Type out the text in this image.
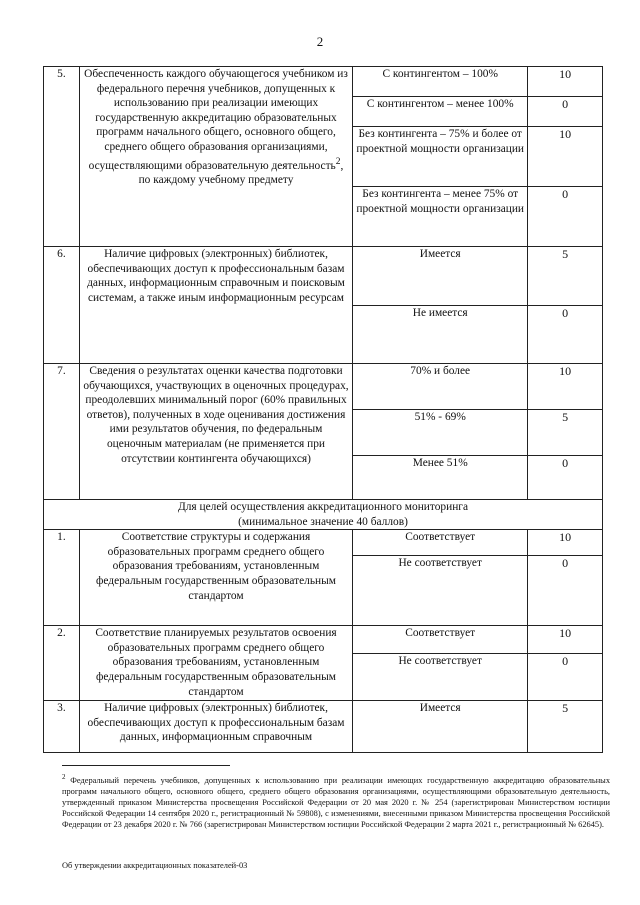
2
5.	Обеспеченность каждого обучающегося учебником из федерального перечня учебников, допущенных к использованию при реализации имеющих государственную аккредитацию образовательных программ начального общего, основного общего, среднего общего образования организациями, осуществляющими образовательную деятельность$^2$, по каждому учебному предмету	С контингентом – 100%	10
		С контингентом – менее 100%	0
		Без контингента – 75% и более от проектной мощности организации	10
		Без контингента – менее 75% от проектной мощности организации	0
6.	Наличие цифровых (электронных) библиотек, обеспечивающих доступ к профессиональным базам данных, информационным справочным и поисковым системам, а также иным информационным ресурсам	Имеется	5
		Не имеется	0
7.	Сведения о результатах оценки качества подготовки обучающихся, участвующих в оценочных процедурах, преодолевших минимальный порог (60% правильных ответов), полученных в ходе оценивания достижения ими результатов обучения, по федеральным оценочным материалам (не применяется при отсутствии контингента обучающихся)	70% и более	10
		51% - 69%	5
		Менее 51%	0

Для целей осуществления аккредитационного мониторинга
(минимальное значение 40 баллов)			

1.	Соответствие структуры и содержания образовательных программ среднего общего образования требованиям, установленным федеральным государственным образовательным стандартом	Соответствует	10
		Не соответствует	0
2.	Соответствие планируемых результатов освоения образовательных программ среднего общего образования требованиям, установленным федеральным государственным образовательным стандартом	Соответствует	10
		Не соответствует	0
3.	Наличие цифровых (электронных) библиотек, обеспечивающих доступ к профессиональным базам данных, информационным справочным	Имеется	5
$^2$ Федеральный перечень учебников, допущенных к использованию при реализации имеющих государственную аккредитацию образовательных программ начального общего, основного общего, среднего общего образования организациями, осуществляющими образовательную деятельность, утвержденный приказом Министерства просвещения Российской Федерации от 20 мая 2020 г. № 254 (зарегистрирован Министерством юстиции Российской Федерации 14 сентября 2020 г., регистрационный № 59808), с изменениями, внесенными приказом Министерства просвещения Российской Федерации от 23 декабря 2020 г. № 766 (зарегистрирован Министерством юстиции Российской Федерации 2 марта 2021 г., регистрационный № 62645).
Об утверждении аккредитационных показателей-03
